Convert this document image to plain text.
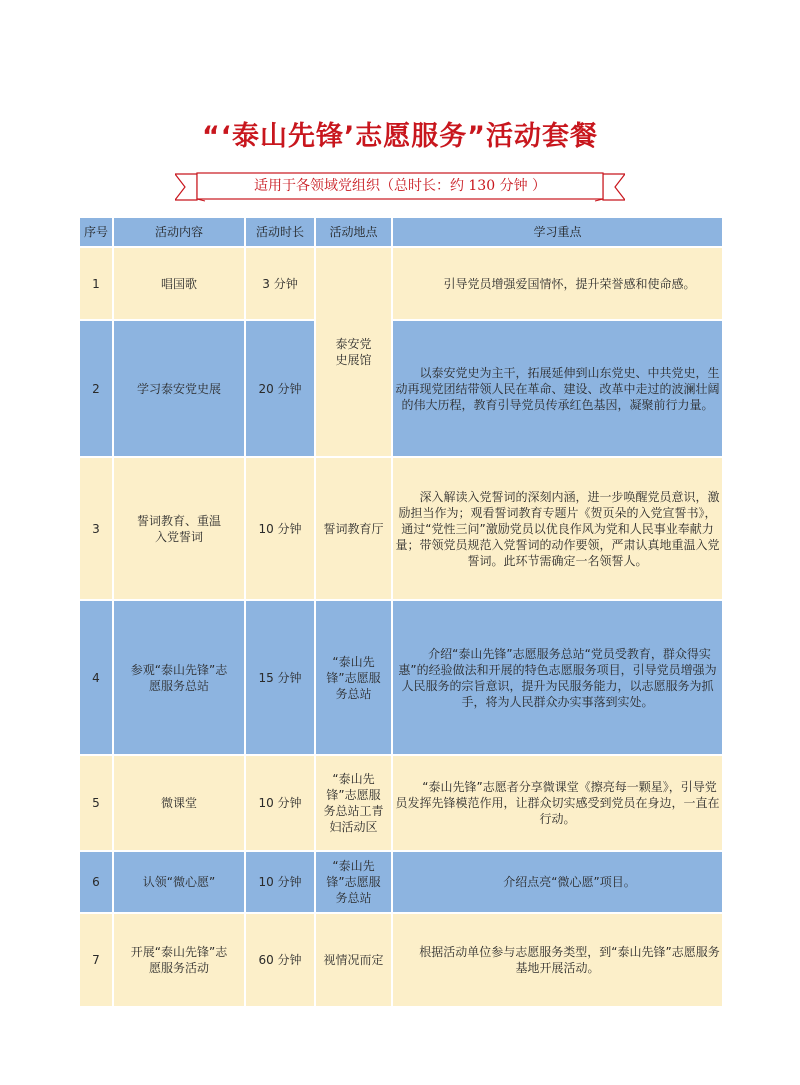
“‘泰山先锋’志愿服务”活动套餐
适用于各领域党组织（总时长：约 130 分钟 ）
序号	活动内容	活动时长	活动地点	学习重点
1	唱国歌	3 分钟	泰安党史展馆	引导党员增强爱国情怀，提升荣誉感和使命感。

2	学习泰安党史展	20 分钟		以泰安党史为主干，拓展延伸到山东党史、中共党史，生动再现党团结带领人民在革命、建设、改革中走过的波澜壮阔的伟大历程，教育引导党员传承红色基因，凝聚前行力量。

3	誓词教育、重温入党誓词	10 分钟	誓词教育厅	深入解读入党誓词的深刻内涵，进一步唤醒党员意识，激励担当作为；观看誓词教育专题片《贺页朵的入党宣誓书》，通过“党性三问”激励党员以优良作风为党和人民事业奉献力量；带领党员规范入党誓词的动作要领，严肃认真地重温入党誓词。此环节需确定一名领誓人。

4	参观“泰山先锋”志愿服务总站	15 分钟	“泰山先锋”志愿服务总站	介绍“泰山先锋”志愿服务总站“党员受教育，群众得实惠”的经验做法和开展的特色志愿服务项目，引导党员增强为人民服务的宗旨意识，提升为民服务能力，以志愿服务为抓手，将为人民群众办实事落到实处。

5	微课堂	10 分钟	“泰山先锋”志愿服务总站工青妇活动区	“泰山先锋”志愿者分享微课堂《擦亮每一颗星》，引导党员发挥先锋模范作用，让群众切实感受到党员在身边，一直在行动。

6	认领“微心愿”	10 分钟	“泰山先锋”志愿服务总站	介绍点亮“微心愿”项目。

7	开展“泰山先锋”志愿服务活动	60 分钟	视情况而定	根据活动单位参与志愿服务类型，到“泰山先锋”志愿服务基地开展活动。
